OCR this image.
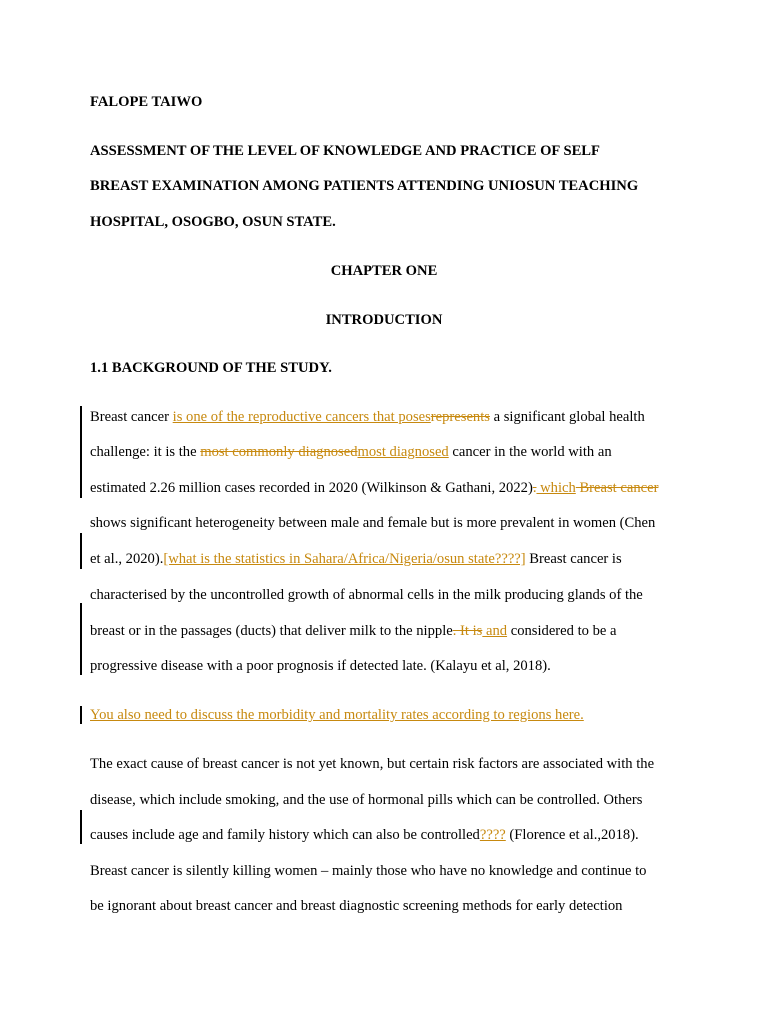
FALOPE TAIWO
ASSESSMENT OF THE LEVEL OF KNOWLEDGE AND PRACTICE OF SELF
BREAST EXAMINATION AMONG PATIENTS ATTENDING UNIOSUN TEACHING
HOSPITAL, OSOGBO, OSUN STATE.
CHAPTER ONE
INTRODUCTION
1.1 BACKGROUND OF THE STUDY.
Breast cancer is one of the reproductive cancers that posesrepresents a significant global health
challenge: it is the most commonly diagnosedmost diagnosed cancer in the world with an
estimated 2.26 million cases recorded in 2020 (Wilkinson & Gathani, 2022). which Breast cancer
shows significant heterogeneity between male and female but is more prevalent in women (Chen
et al., 2020).[what is the statistics in Sahara/Africa/Nigeria/osun state????] Breast cancer is
characterised by the uncontrolled growth of abnormal cells in the milk producing glands of the
breast or in the passages (ducts) that deliver milk to the nipple. It is and considered to be a
progressive disease with a poor prognosis if detected late. (Kalayu et al, 2018).
You also need to discuss the morbidity and mortality rates according to regions here.
The exact cause of breast cancer is not yet known, but certain risk factors are associated with the
disease, which include smoking, and the use of hormonal pills which can be controlled. Others
causes include age and family history which can also be controlled???? (Florence et al.,2018).
Breast cancer is silently killing women – mainly those who have no knowledge and continue to
be ignorant about breast cancer and breast diagnostic screening methods for early detection
